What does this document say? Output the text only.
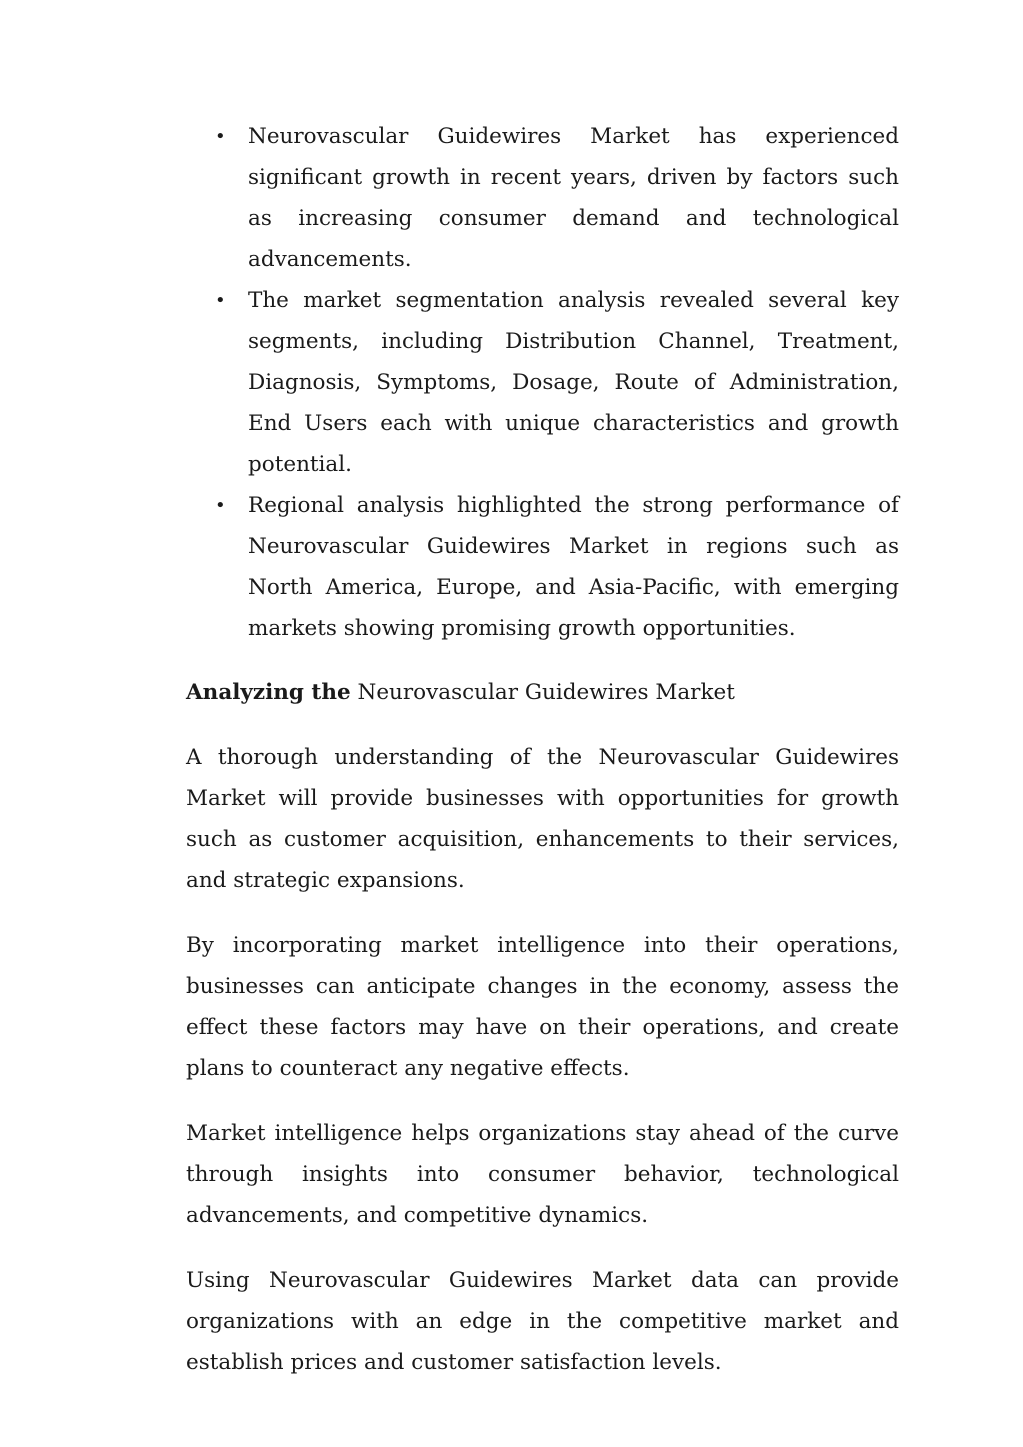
• Neurovascular Guidewires Market has experienced significant growth in recent years, driven by factors such as increasing consumer demand and technological advancements.
• The market segmentation analysis revealed several key segments, including Distribution Channel, Treatment, Diagnosis, Symptoms, Dosage, Route of Administration, End Users each with unique characteristics and growth potential.
• Regional analysis highlighted the strong performance of Neurovascular Guidewires Market in regions such as North America, Europe, and Asia-Pacific, with emerging markets showing promising growth opportunities.
Analyzing the Neurovascular Guidewires Market

A thorough understanding of the Neurovascular Guidewires Market will provide businesses with opportunities for growth such as customer acquisition, enhancements to their services, and strategic expansions.

By incorporating market intelligence into their operations, businesses can anticipate changes in the economy, assess the effect these factors may have on their operations, and create plans to counteract any negative effects.

Market intelligence helps organizations stay ahead of the curve through insights into consumer behavior, technological advancements, and competitive dynamics.

Using Neurovascular Guidewires Market data can provide organizations with an edge in the competitive market and establish prices and customer satisfaction levels.
